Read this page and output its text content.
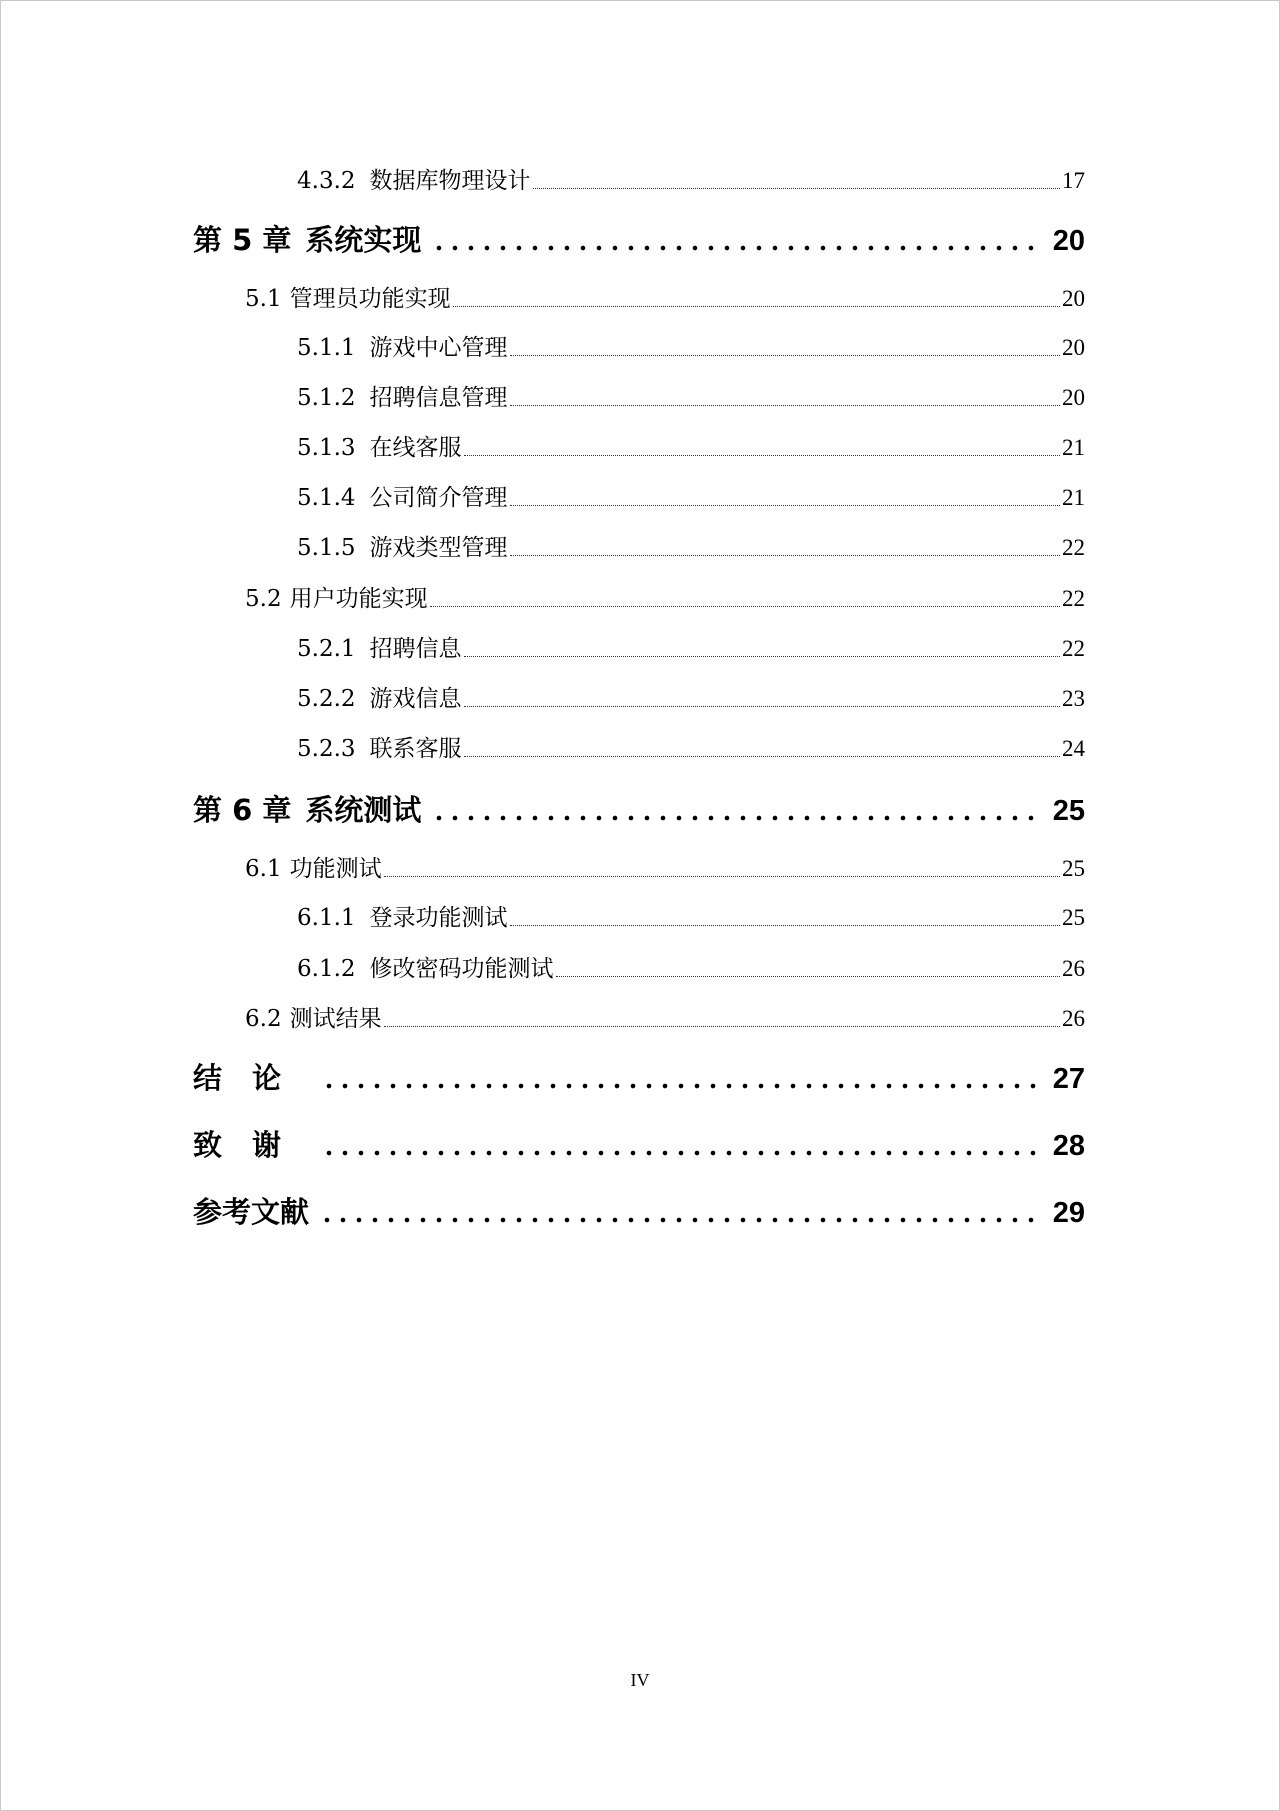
4.3.2 数据库物理设计	17
第 5 章 系统实现	20
5.1 管理员功能实现	20
5.1.1 游戏中心管理	20
5.1.2 招聘信息管理	20
5.1.3 在线客服	21
5.1.4 公司简介管理	21
5.1.5 游戏类型管理	22
5.2 用户功能实现	22
5.2.1 招聘信息	22
5.2.2 游戏信息	23
5.2.3 联系客服	24
第 6 章 系统测试	25
6.1 功能测试	25
6.1.1 登录功能测试	25
6.1.2 修改密码功能测试	26
6.2 测试结果	26
结论	27
致谢	28
参考文献	29
IV
